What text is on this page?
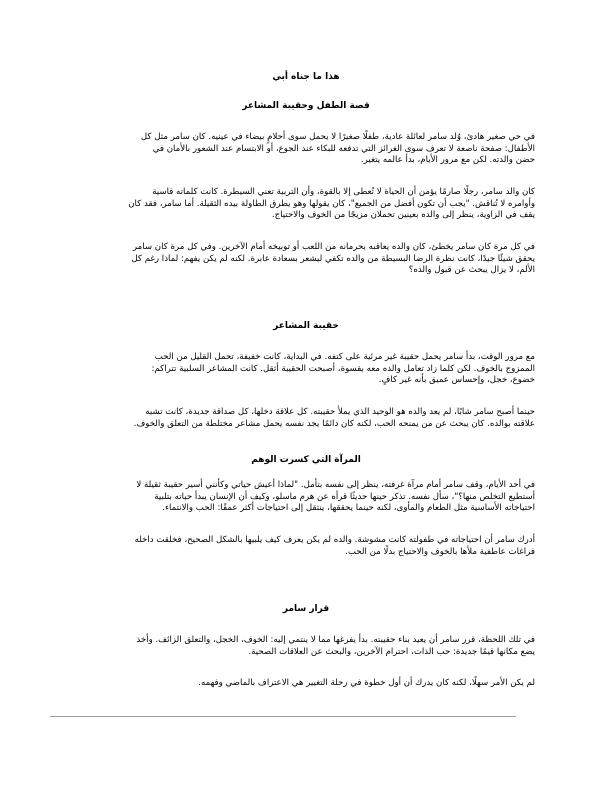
هذا ما جناه أبي
قصة الطفل وحقيبة المشاعر
في حي صغير هادئ، وُلد سامر لعائلة عادية، طفلًا صغيرًا لا يحمل سوى أحلامٍ بيضاء في عينيه. كان سامر مثل كل
الأطفال: صفحة ناصعة لا تعرف سوى الغرائز التي تدفعه للبكاء عند الجوع، أو الابتسام عند الشعور بالأمان في
حضن والدته. لكن مع مرور الأيام، بدأ عالمه يتغير.
كان والد سامر، رجلًا صارمًا يؤمن أن الحياة لا تُعطى إلا بالقوة، وأن التربية تعني السيطرة. كانت كلماته قاسية
وأوامره لا تُناقش. "يجب أن تكون أفضل من الجميع"، كان يقولها وهو يطرق الطاولة بيده الثقيلة. أما سامر، فقد كان
يقف في الزاوية، ينظر إلى والده بعينين تحملان مزيجًا من الخوف والاحتياج.
في كل مرة كان سامر يخطئ، كان والده يعاقبه بحرمانه من اللعب أو توبيخه أمام الآخرين. وفي كل مرة كان سامر
يحقق شيئًا جيدًا، كانت نظرة الرضا البسيطة من والده تكفي ليشعر بسعادة عابرة. لكنه لم يكن يفهم: لماذا رغم كل
الألم، لا يزال يبحث عن قبول والده؟
حقيبة المشاعر
مع مرور الوقت، بدأ سامر يحمل حقيبة غير مرئية على كتفه. في البداية، كانت خفيفة، تحمل القليل من الحب
الممزوج بالخوف. لكن كلما زاد تعامل والده معه بقسوة، أصبحت الحقيبة أثقل. كانت المشاعر السلبية تتراكم:
خضوع، خجل، وإحساس عميق بأنه غير كافٍ.
حينما أصبح سامر شابًا، لم يعد والده هو الوحيد الذي يملأ حقيبته. كل علاقة دخلها، كل صداقة جديدة، كانت تشبه
علاقته بوالده. كان يبحث عن من يمنحه الحب، لكنه كان دائمًا يجد نفسه يحمل مشاعر مختلطة من التعلق والخوف.
المرآة التي كسرت الوهم
في أحد الأيام، وقف سامر أمام مرآة غرفته، ينظر إلى نفسه بتأمل. "لماذا أعيش حياتي وكأنني أسير حقيبة ثقيلة لا
أستطيع التخلص منها؟"، سأل نفسه. تذكر حينها حديثًا قرأه عن هرم ماسلو، وكيف أن الإنسان يبدأ حياته بتلبية
احتياجاته الأساسية مثل الطعام والمأوى، لكنه حينما يحققها، ينتقل إلى احتياجات أكثر عمقًا: الحب والانتماء.
أدرك سامر أن احتياجاته في طفولته كانت مشوشة. والده لم يكن يعرف كيف يلبيها بالشكل الصحيح، فخلقت داخله
فراغات عاطفية ملأها بالخوف والاحتياج بدلًا من الحب.
قرار سامر
في تلك اللحظة، قرر سامر أن يعيد بناء حقيبته. بدأ يفرغها مما لا ينتمي إليه: الخوف، الخجل، والتعلق الزائف. وأخذ
يضع مكانها قيمًا جديدة: حب الذات، احترام الآخرين، والبحث عن العلاقات الصحية.
لم يكن الأمر سهلًا، لكنه كان يدرك أن أول خطوة في رحلة التغيير هي الاعتراف بالماضي وفهمه.
